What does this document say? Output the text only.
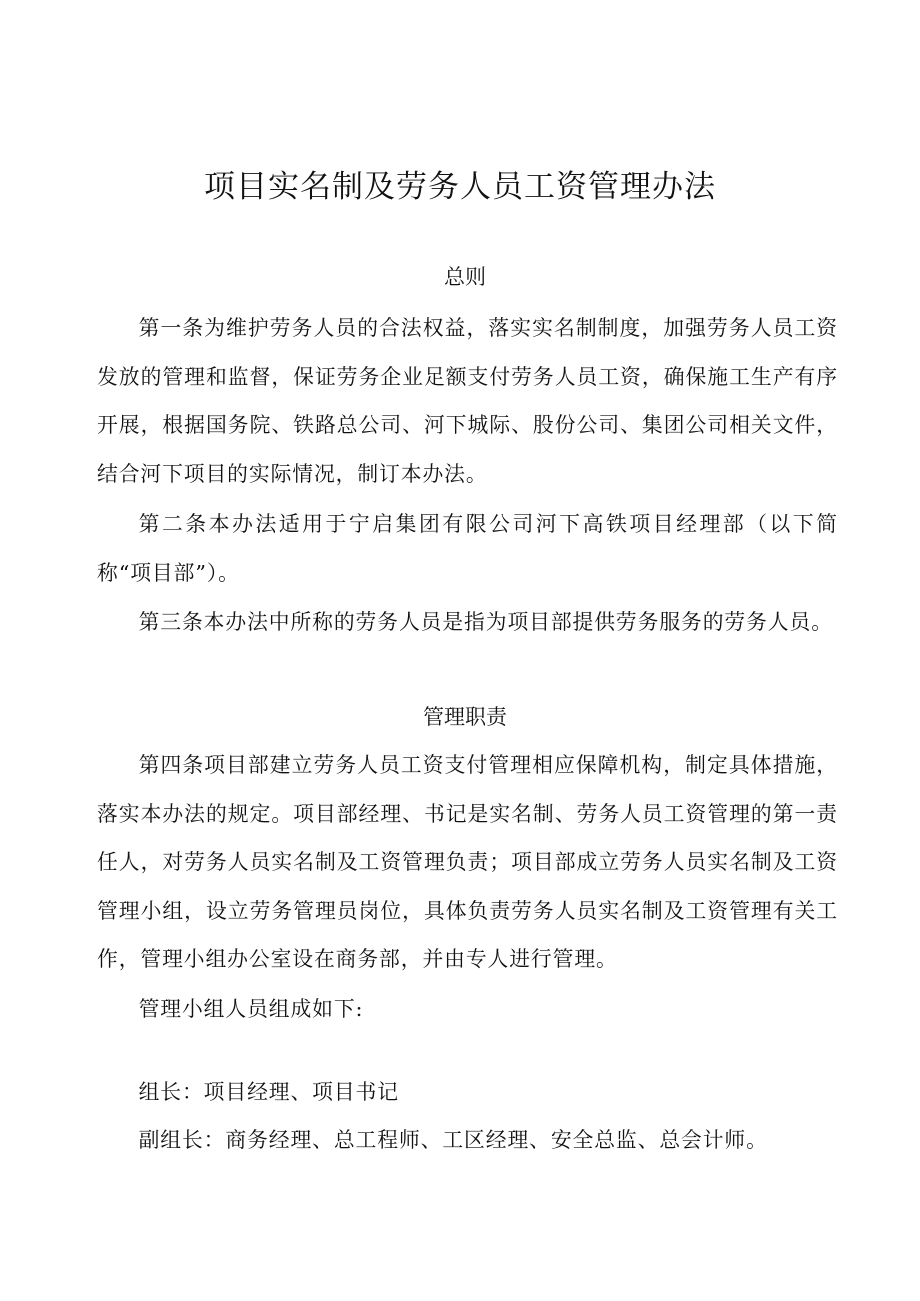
项目实名制及劳务人员工资管理办法
总则
第一条为维护劳务人员的合法权益，落实实名制制度，加强劳务人员工资发放的管理和监督，保证劳务企业足额支付劳务人员工资，确保施工生产有序开展，根据国务院、铁路总公司、河下城际、股份公司、集团公司相关文件，结合河下项目的实际情况，制订本办法。
第二条本办法适用于宁启集团有限公司河下高铁项目经理部（以下简称“项目部”）。
第三条本办法中所称的劳务人员是指为项目部提供劳务服务的劳务人员。
管理职责
第四条项目部建立劳务人员工资支付管理相应保障机构，制定具体措施，落实本办法的规定。项目部经理、书记是实名制、劳务人员工资管理的第一责任人，对劳务人员实名制及工资管理负责；项目部成立劳务人员实名制及工资管理小组，设立劳务管理员岗位，具体负责劳务人员实名制及工资管理有关工作，管理小组办公室设在商务部，并由专人进行管理。
管理小组人员组成如下:
组长：项目经理、项目书记
副组长：商务经理、总工程师、工区经理、安全总监、总会计师。
